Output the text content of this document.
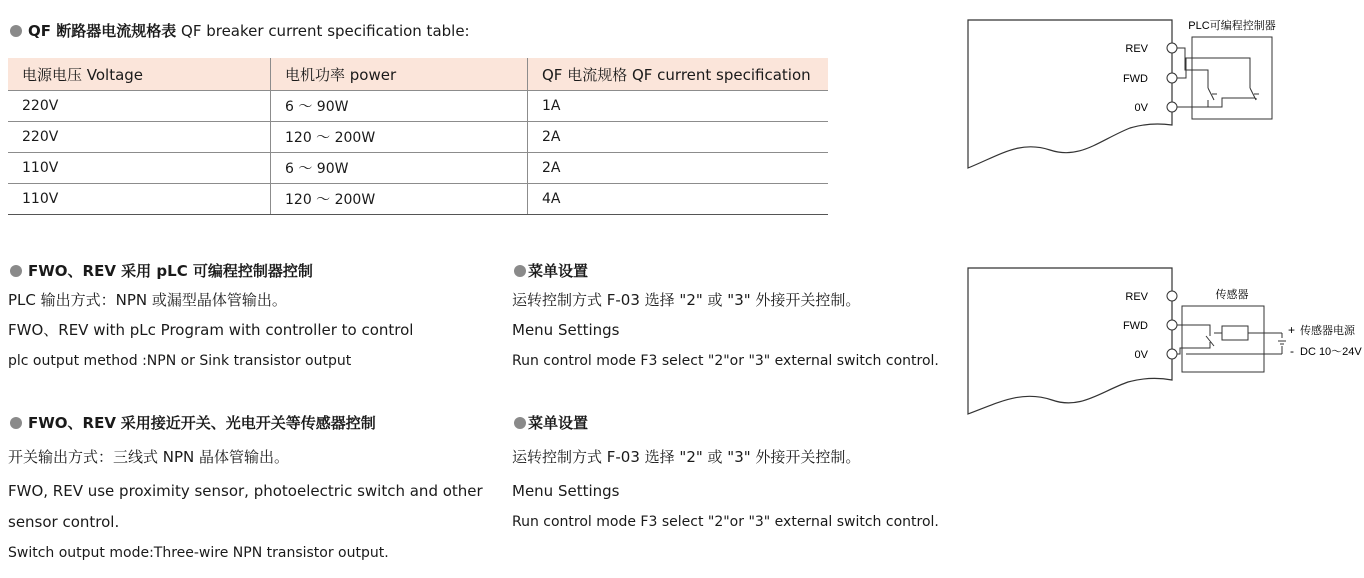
QF 断路器电流规格表 QF breaker current specification table:
电源电压 Voltage	电机功率 power	QF 电流规格 QF current specification
220V	6 ～ 90W	1A
220V	120 ～ 200W	2A
110V	6 ～ 90W	2A
110V	120 ～ 200W	4A
FWO、REV 采用 pLC 可编程控制器控制
PLC 输出方式：NPN 或漏型晶体管输出。
FWO、REV with pLc Program with controller to control
plc output method :NPN or Sink transistor output
菜单设置
运转控制方式 F-03 选择 "2" 或 "3" 外接开关控制。
Menu Settings
Run control mode F3 select "2"or "3" external switch control.
FWO、REV 采用接近开关、光电开关等传感器控制
开关输出方式：三线式 NPN 晶体管输出。
FWO, REV use proximity sensor, photoelectric switch and other
sensor control.
Switch output mode:Three-wire NPN transistor output.
菜单设置
运转控制方式 F-03 选择 "2" 或 "3" 外接开关控制。
Menu Settings
Run control mode F3 select "2"or "3" external switch control.
REV
FWD
0V
PLC可编程控制器
REV
FWD
0V
传感器
+ 传感器电源
- DC 10～24V
